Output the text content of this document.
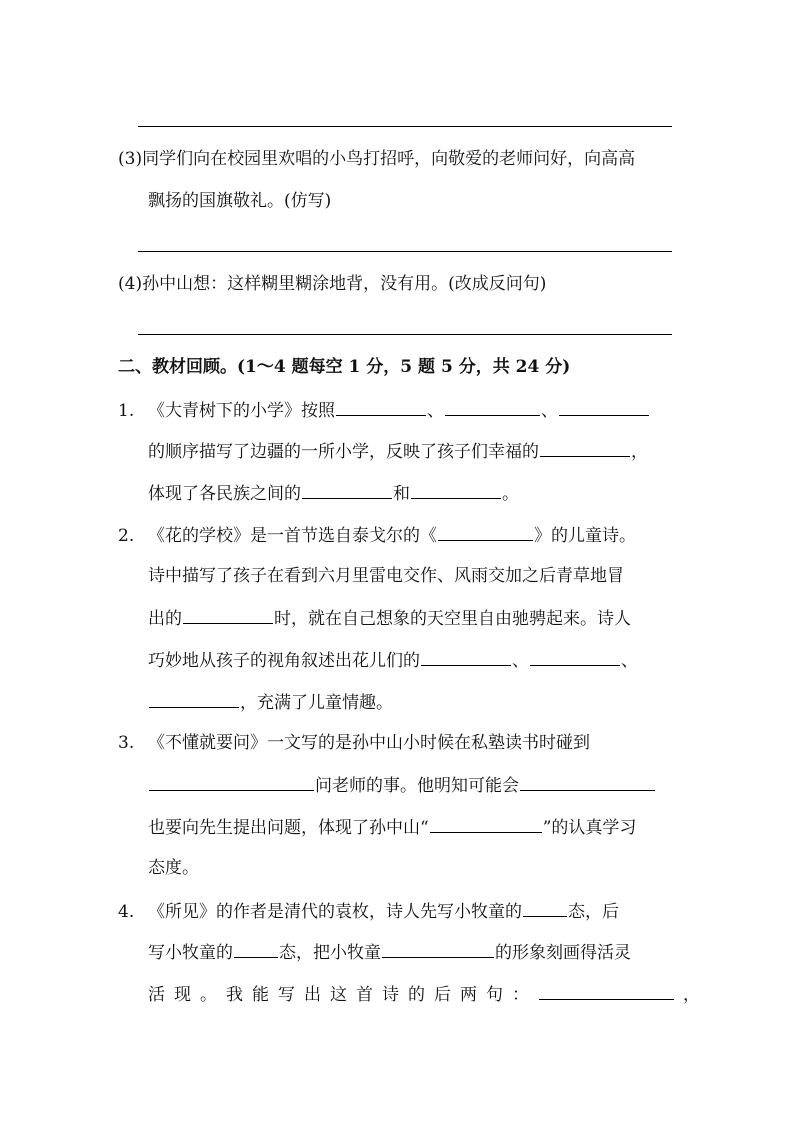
(3)同学们向在校园里欢唱的小鸟打招呼，向敬爱的老师问好，向高高
飘扬的国旗敬礼。(仿写)
(4)孙中山想：这样糊里糊涂地背，没有用。(改成反问句)
二、教材回顾。(1～4 题每空 1 分，5 题 5 分，共 24 分)
1. 《大青树下的小学》按照	、	、
的顺序描写了边疆的一所小学，反映了孩子们幸福的	，
体现了各民族之间的	和	。
2. 《花的学校》是一首节选自泰戈尔的《	》的儿童诗。
诗中描写了孩子在看到六月里雷电交作、风雨交加之后青草地冒
出的	时，就在自己想象的天空里自由驰骋起来。诗人
巧妙地从孩子的视角叙述出花儿们的	、	、
，充满了儿童情趣。
3. 《不懂就要问》一文写的是孙中山小时候在私塾读书时碰到
问老师的事。他明知可能会
也要向先生提出问题，体现了孙中山“	”的认真学习
态度。
4. 《所见》的作者是清代的袁枚，诗人先写小牧童的	态，后
写小牧童的	态，把小牧童	的形象刻画得活灵
活现。我能写出这首诗的后两句：	，
